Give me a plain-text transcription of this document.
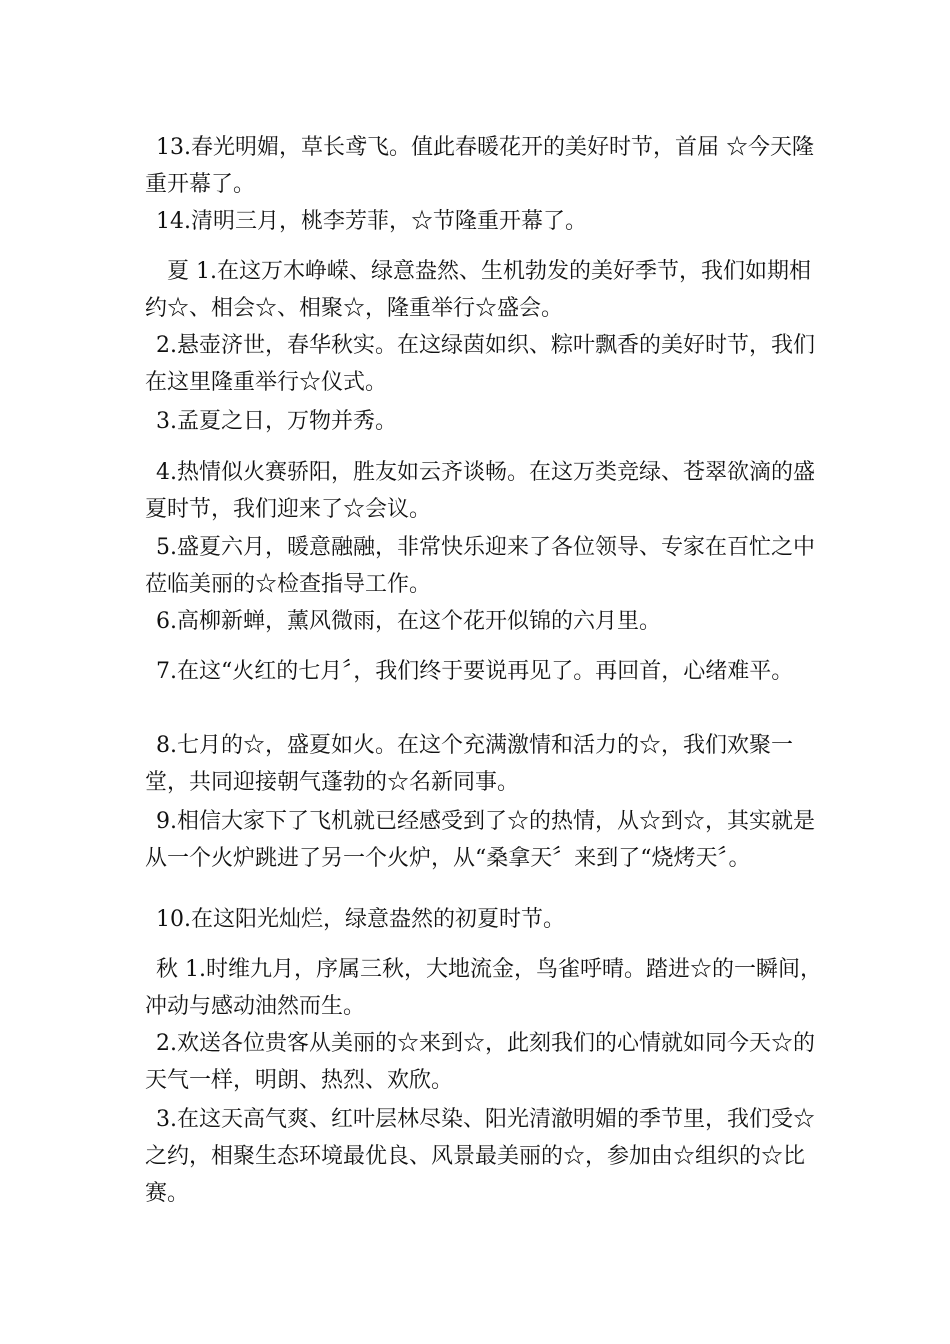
13.春光明媚，草长鸢飞。值此春暖花开的美好时节，首届 ☆今天隆重开幕了。

14.清明三月，桃李芳菲，☆节隆重开幕了。

夏 1.在这万木峥嵘、绿意盎然、生机勃发的美好季节，我们如期相约☆、相会☆、相聚☆，隆重举行☆盛会。

2.悬壶济世，春华秋实。在这绿茵如织、粽叶飘香的美好时节，我们在这里隆重举行☆仪式。

3.孟夏之日，万物并秀。

4.热情似火赛骄阳，胜友如云齐谈畅。在这万类竞绿、苍翠欲滴的盛夏时节，我们迎来了☆会议。

5.盛夏六月，暖意融融，非常快乐迎来了各位领导、专家在百忙之中莅临美丽的☆检查指导工作。

6.高柳新蝉，薰风微雨，在这个花开似锦的六月里。

7.在这“火红的七月〞，我们终于要说再见了。再回首，心绪难平。

8.七月的☆，盛夏如火。在这个充满激情和活力的☆，我们欢聚一堂，共同迎接朝气蓬勃的☆名新同事。

9.相信大家下了飞机就已经感受到了☆的热情，从☆到☆，其实就是从一个火炉跳进了另一个火炉，从“桑拿天〞来到了“烧烤天〞。

10.在这阳光灿烂，绿意盎然的初夏时节。

秋 1.时维九月，序属三秋，大地流金，鸟雀呼晴。踏进☆的一瞬间，冲动与感动油然而生。

2.欢送各位贵客从美丽的☆来到☆，此刻我们的心情就如同今天☆的天气一样，明朗、热烈、欢欣。

3.在这天高气爽、红叶层林尽染、阳光清澈明媚的季节里，我们受☆之约，相聚生态环境最优良、风景最美丽的☆，参加由☆组织的☆比赛。
